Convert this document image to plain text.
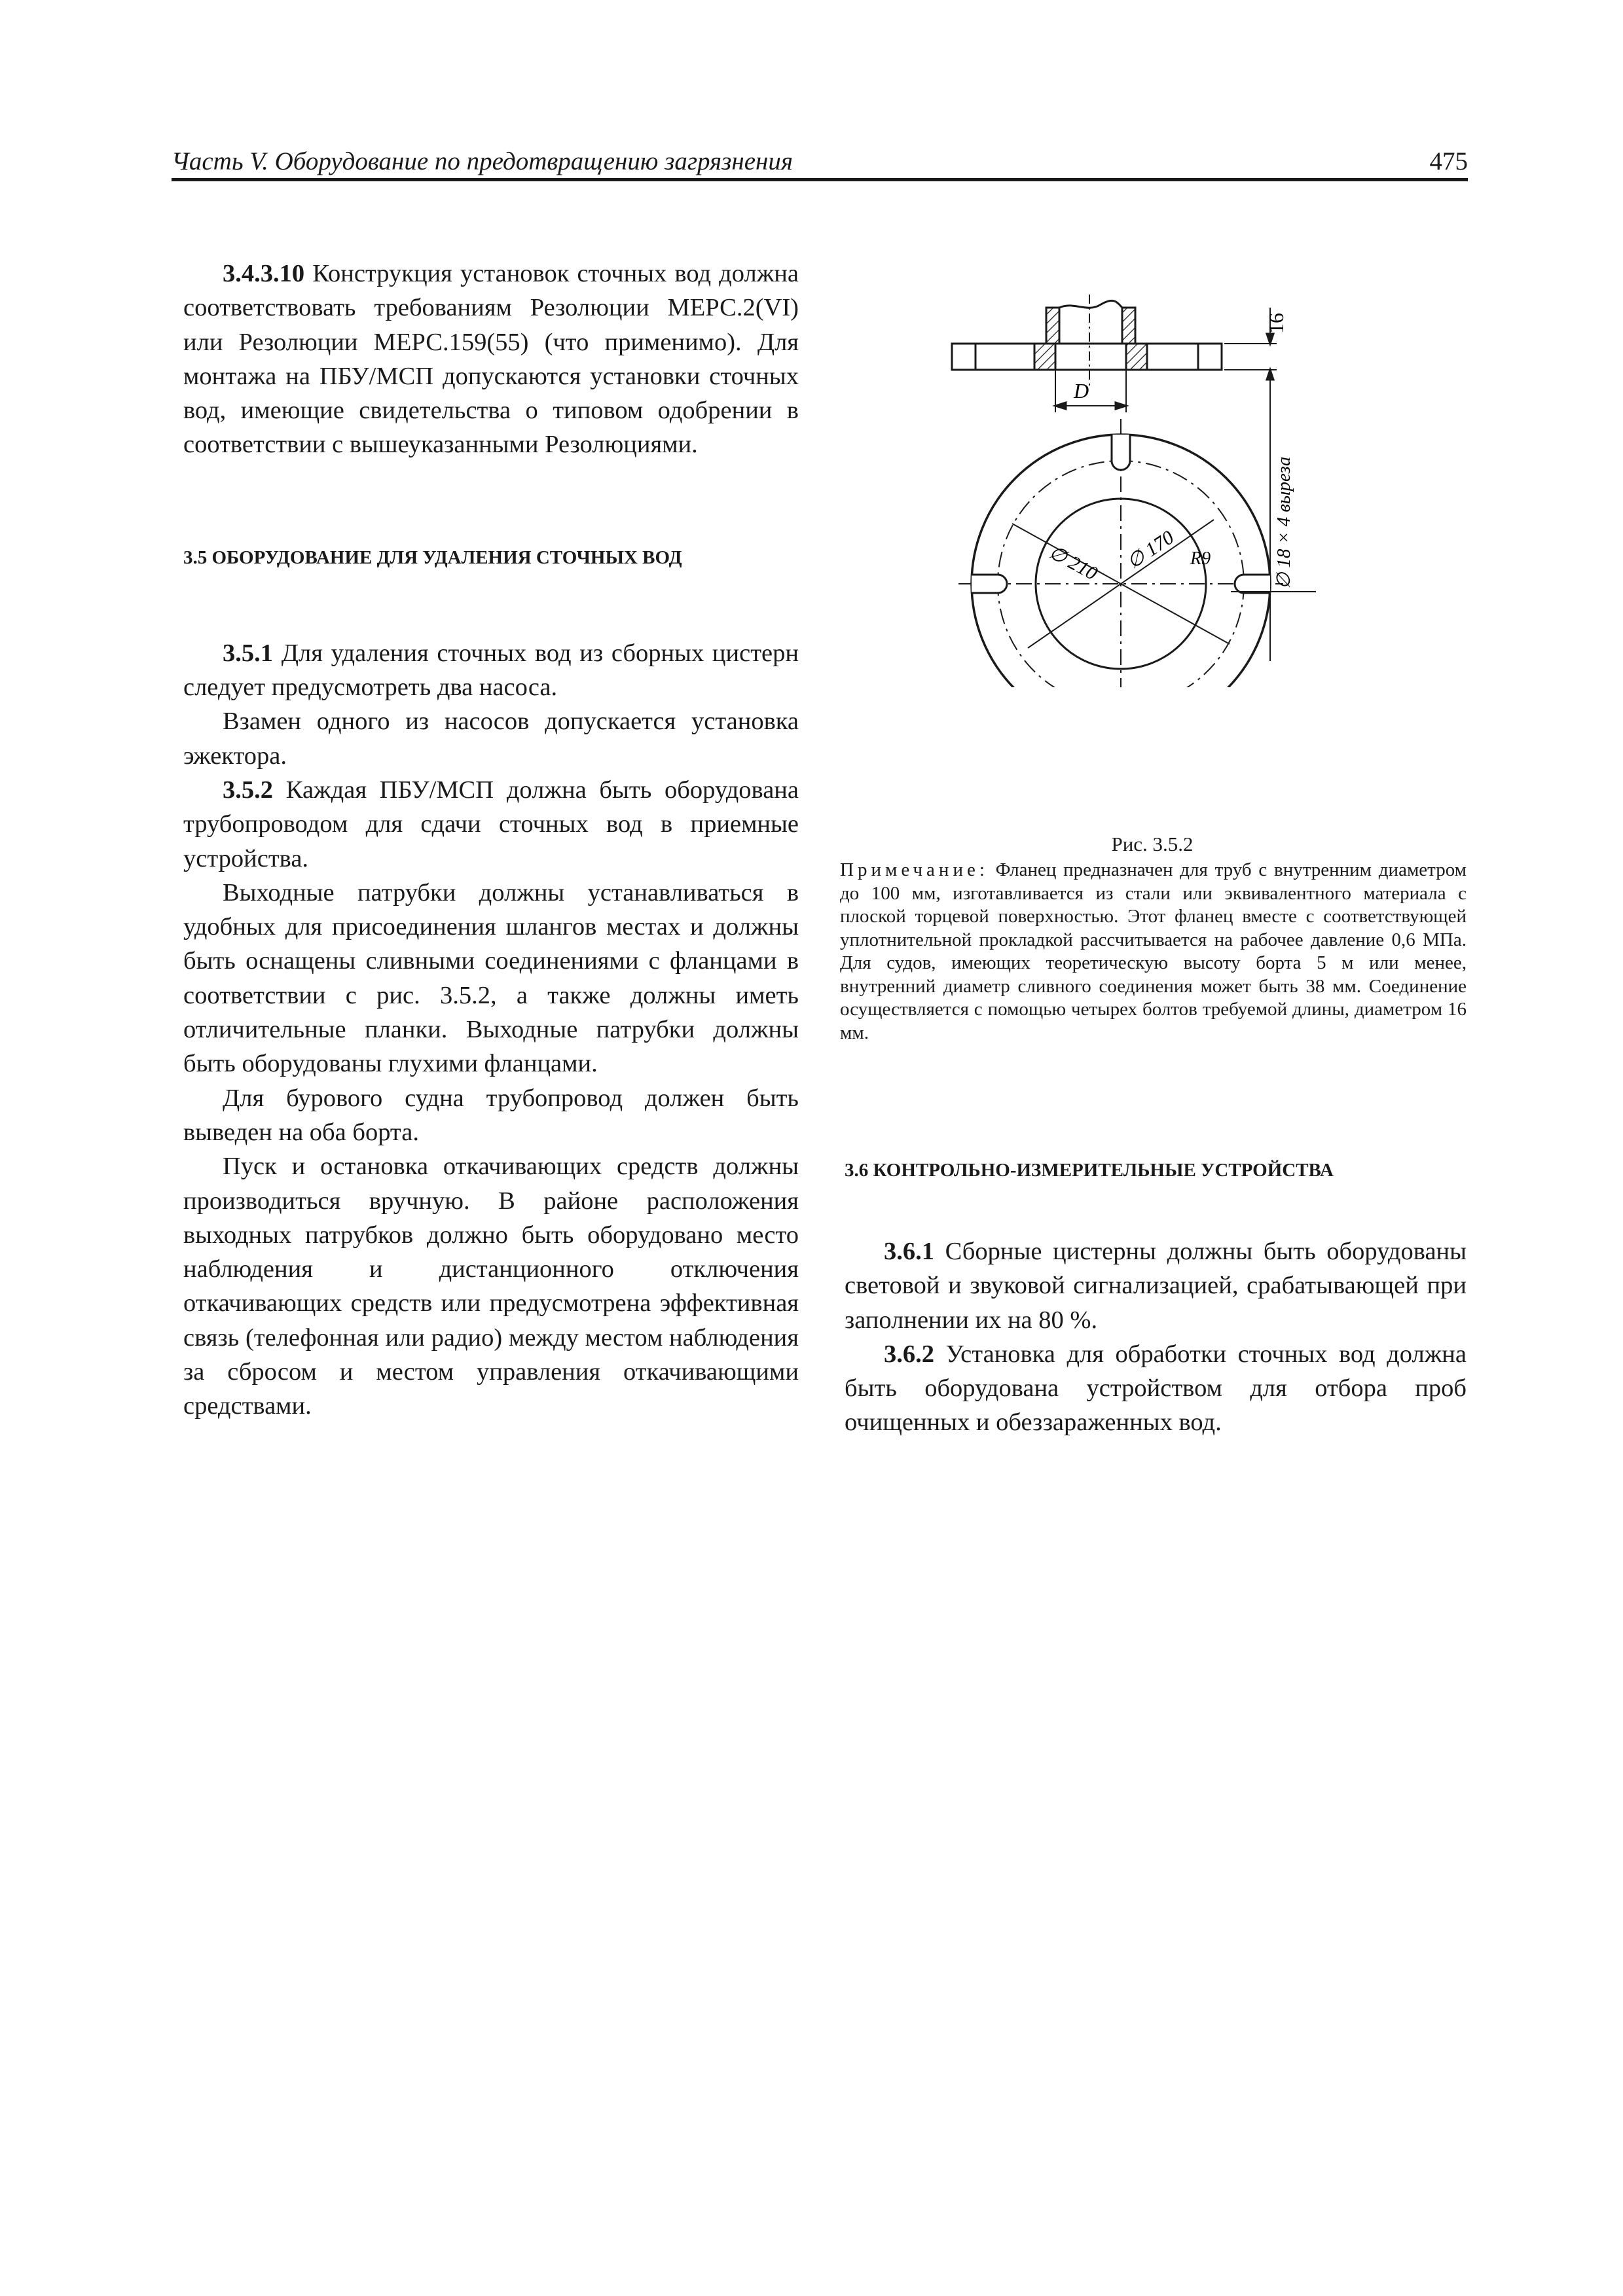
Часть V. Оборудование по предотвращению загрязнения	475

3.4.3.10 Конструкция установок сточных вод должна соответствовать требованиям Резолюции МЕРС.2(VI) или Резолюции МЕРС.159(55) (что применимо). Для монтажа на ПБУ/МСП допускаются установки сточных вод, имеющие свидетельства о типовом одобрении в соответствии с вышеуказанными Резолюциями.

3.5 ОБОРУДОВАНИЕ ДЛЯ УДАЛЕНИЯ СТОЧНЫХ ВОД

3.5.1 Для удаления сточных вод из сборных цистерн следует предусмотреть два насоса.

Взамен одного из насосов допускается установка эжектора.

3.5.2 Каждая ПБУ/МСП должна быть оборудована трубопроводом для сдачи сточных вод в приемные устройства.

Выходные патрубки должны устанавливаться в удобных для присоединения шлангов местах и должны быть оснащены сливными соединениями с фланцами в соответствии с рис. 3.5.2, а также должны иметь отличительные планки. Выходные патрубки должны быть оборудованы глухими фланцами.

Для бурового судна трубопровод должен быть выведен на оба борта.

Пуск и остановка откачивающих средств должны производиться вручную. В районе расположения выходных патрубков должно быть оборудовано место наблюдения и дистанционного отключения откачивающих средств или предусмотрена эффективная связь (телефонная или радио) между местом наблюдения за сбросом и местом управления откачивающими средствами.

16
D
∅ 18 × 4 выреза
∅ 210 ∅ 170 R9
Рис. 3.5.2
Примечание: Фланец предназначен для труб с внутренним диаметром до 100 мм, изготавливается из стали или эквивалентного материала с плоской торцевой поверхностью. Этот фланец вместе с соответствующей уплотнительной прокладкой рассчитывается на рабочее давление 0,6 МПа. Для судов, имеющих теоретическую высоту борта 5 м или менее, внутренний диаметр сливного соединения может быть 38 мм. Соединение осуществляется с помощью четырех болтов требуемой длины, диаметром 16 мм.

3.6 КОНТРОЛЬНО-ИЗМЕРИТЕЛЬНЫЕ УСТРОЙСТВА

3.6.1 Сборные цистерны должны быть оборудованы световой и звуковой сигнализацией, срабатывающей при заполнении их на 80 %.

3.6.2 Установка для обработки сточных вод должна быть оборудована устройством для отбора проб очищенных и обеззараженных вод.
